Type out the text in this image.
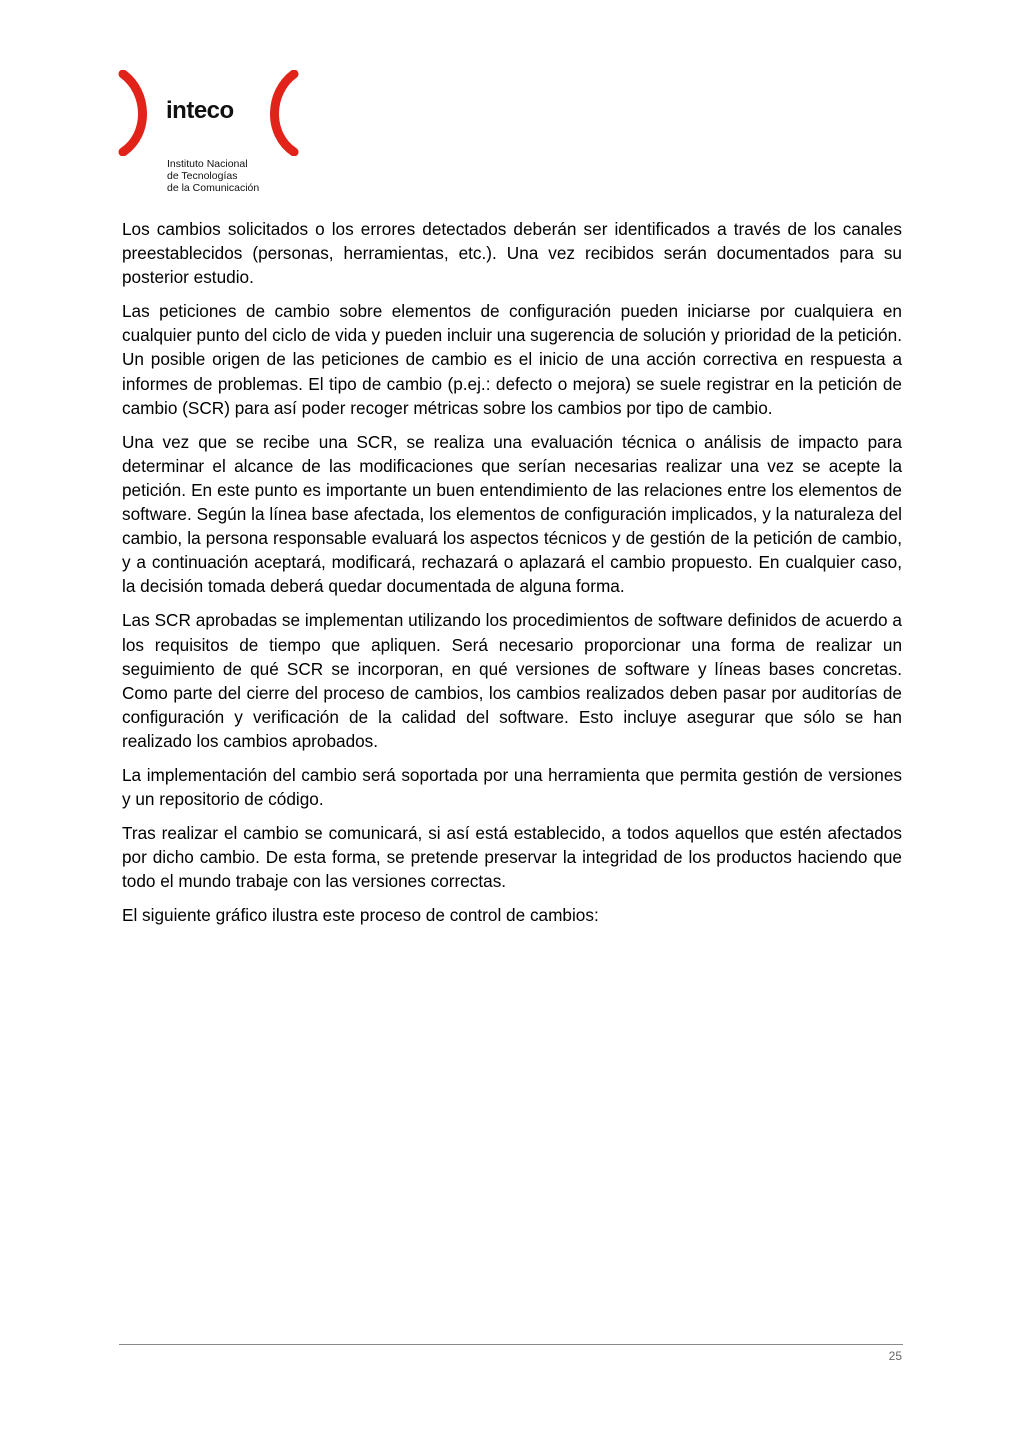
inteco
Instituto Nacional
de Tecnologías
de la Comunicación

Los cambios solicitados o los errores detectados deberán ser identificados a través de los canales preestablecidos (personas, herramientas, etc.). Una vez recibidos serán documentados para su posterior estudio.

Las peticiones de cambio sobre elementos de configuración pueden iniciarse por cualquiera en cualquier punto del ciclo de vida y pueden incluir una sugerencia de solución y prioridad de la petición. Un posible origen de las peticiones de cambio es el inicio de una acción correctiva en respuesta a informes de problemas. El tipo de cambio (p.ej.: defecto o mejora) se suele registrar en la petición de cambio (SCR) para así poder recoger métricas sobre los cambios por tipo de cambio.

Una vez que se recibe una SCR, se realiza una evaluación técnica o análisis de impacto para determinar el alcance de las modificaciones que serían necesarias realizar una vez se acepte la petición. En este punto es importante un buen entendimiento de las relaciones entre los elementos de software. Según la línea base afectada, los elementos de configuración implicados, y la naturaleza del cambio, la persona responsable evaluará los aspectos técnicos y de gestión de la petición de cambio, y a continuación aceptará, modificará, rechazará o aplazará el cambio propuesto. En cualquier caso, la decisión tomada deberá quedar documentada de alguna forma.

Las SCR aprobadas se implementan utilizando los procedimientos de software definidos de acuerdo a los requisitos de tiempo que apliquen. Será necesario proporcionar una forma de realizar un seguimiento de qué SCR se incorporan, en qué versiones de software y líneas bases concretas. Como parte del cierre del proceso de cambios, los cambios realizados deben pasar por auditorías de configuración y verificación de la calidad del software. Esto incluye asegurar que sólo se han realizado los cambios aprobados.

La implementación del cambio será soportada por una herramienta que permita gestión de versiones y un repositorio de código.

Tras realizar el cambio se comunicará, si así está establecido, a todos aquellos que estén afectados por dicho cambio. De esta forma, se pretende preservar la integridad de los productos haciendo que todo el mundo trabaje con las versiones correctas.

El siguiente gráfico ilustra este proceso de control de cambios:

25
